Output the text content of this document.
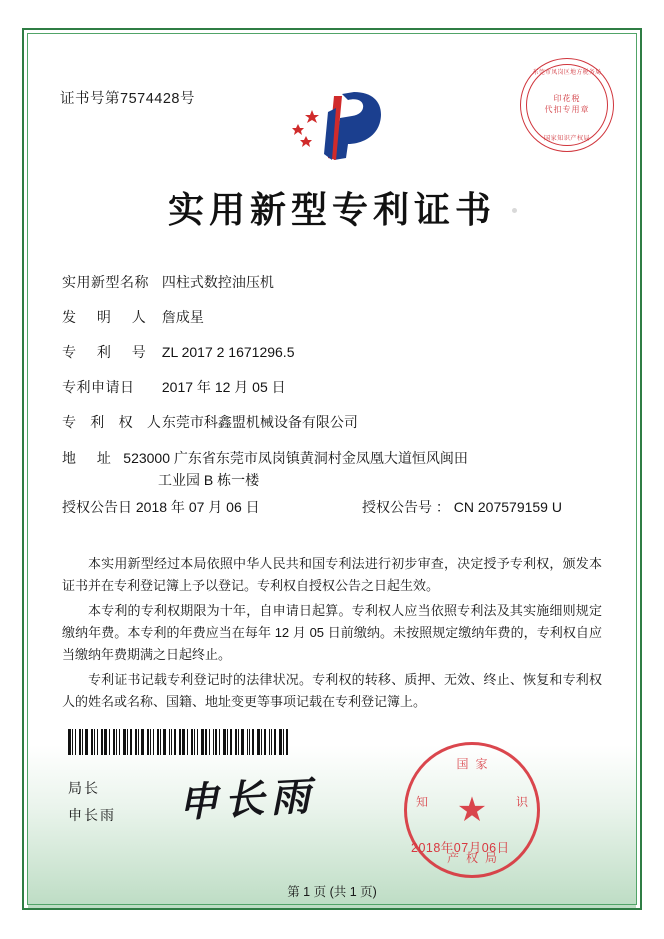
证书号第7574428号
东莞市凤岗区地方税务局
印花税
代扣专用章
国家知识产权局
实用新型专利证书
实用新型名称 四柱式数控油压机
发 明 人 詹成星
专 利 号 ZL 2017 2 1671296.5
专利申请日 2017 年 12 月 05 日
专 利 权 人 东莞市科鑫盟机械设备有限公司
地 址 523000 广东省东莞市凤岗镇黄洞村金凤凰大道恒风闽田
工业园 B 栋一楼
授权公告日 2018 年 07 月 06 日	授权公告号 ： CN 207579159 U

本实用新型经过本局依照中华人民共和国专利法进行初步审查，决定授予专利权，颁发本证书并在专利登记簿上予以登记。专利权自授权公告之日起生效。

本专利的专利权期限为十年，自申请日起算。专利权人应当依照专利法及其实施细则规定缴纳年费。本专利的年费应当在每年 12 月 05 日前缴纳。未按照规定缴纳年费的，专利权自应当缴纳年费期满之日起终止。

专利证书记载专利登记时的法律状况。专利权的转移、质押、无效、终止、恢复和专利权人的姓名或名称、国籍、地址变更等事项记载在专利登记簿上。

局长
申长雨 申长雨
国家
知	识
★
产权局
2018年07月06日
第 1 页 (共 1 页)
